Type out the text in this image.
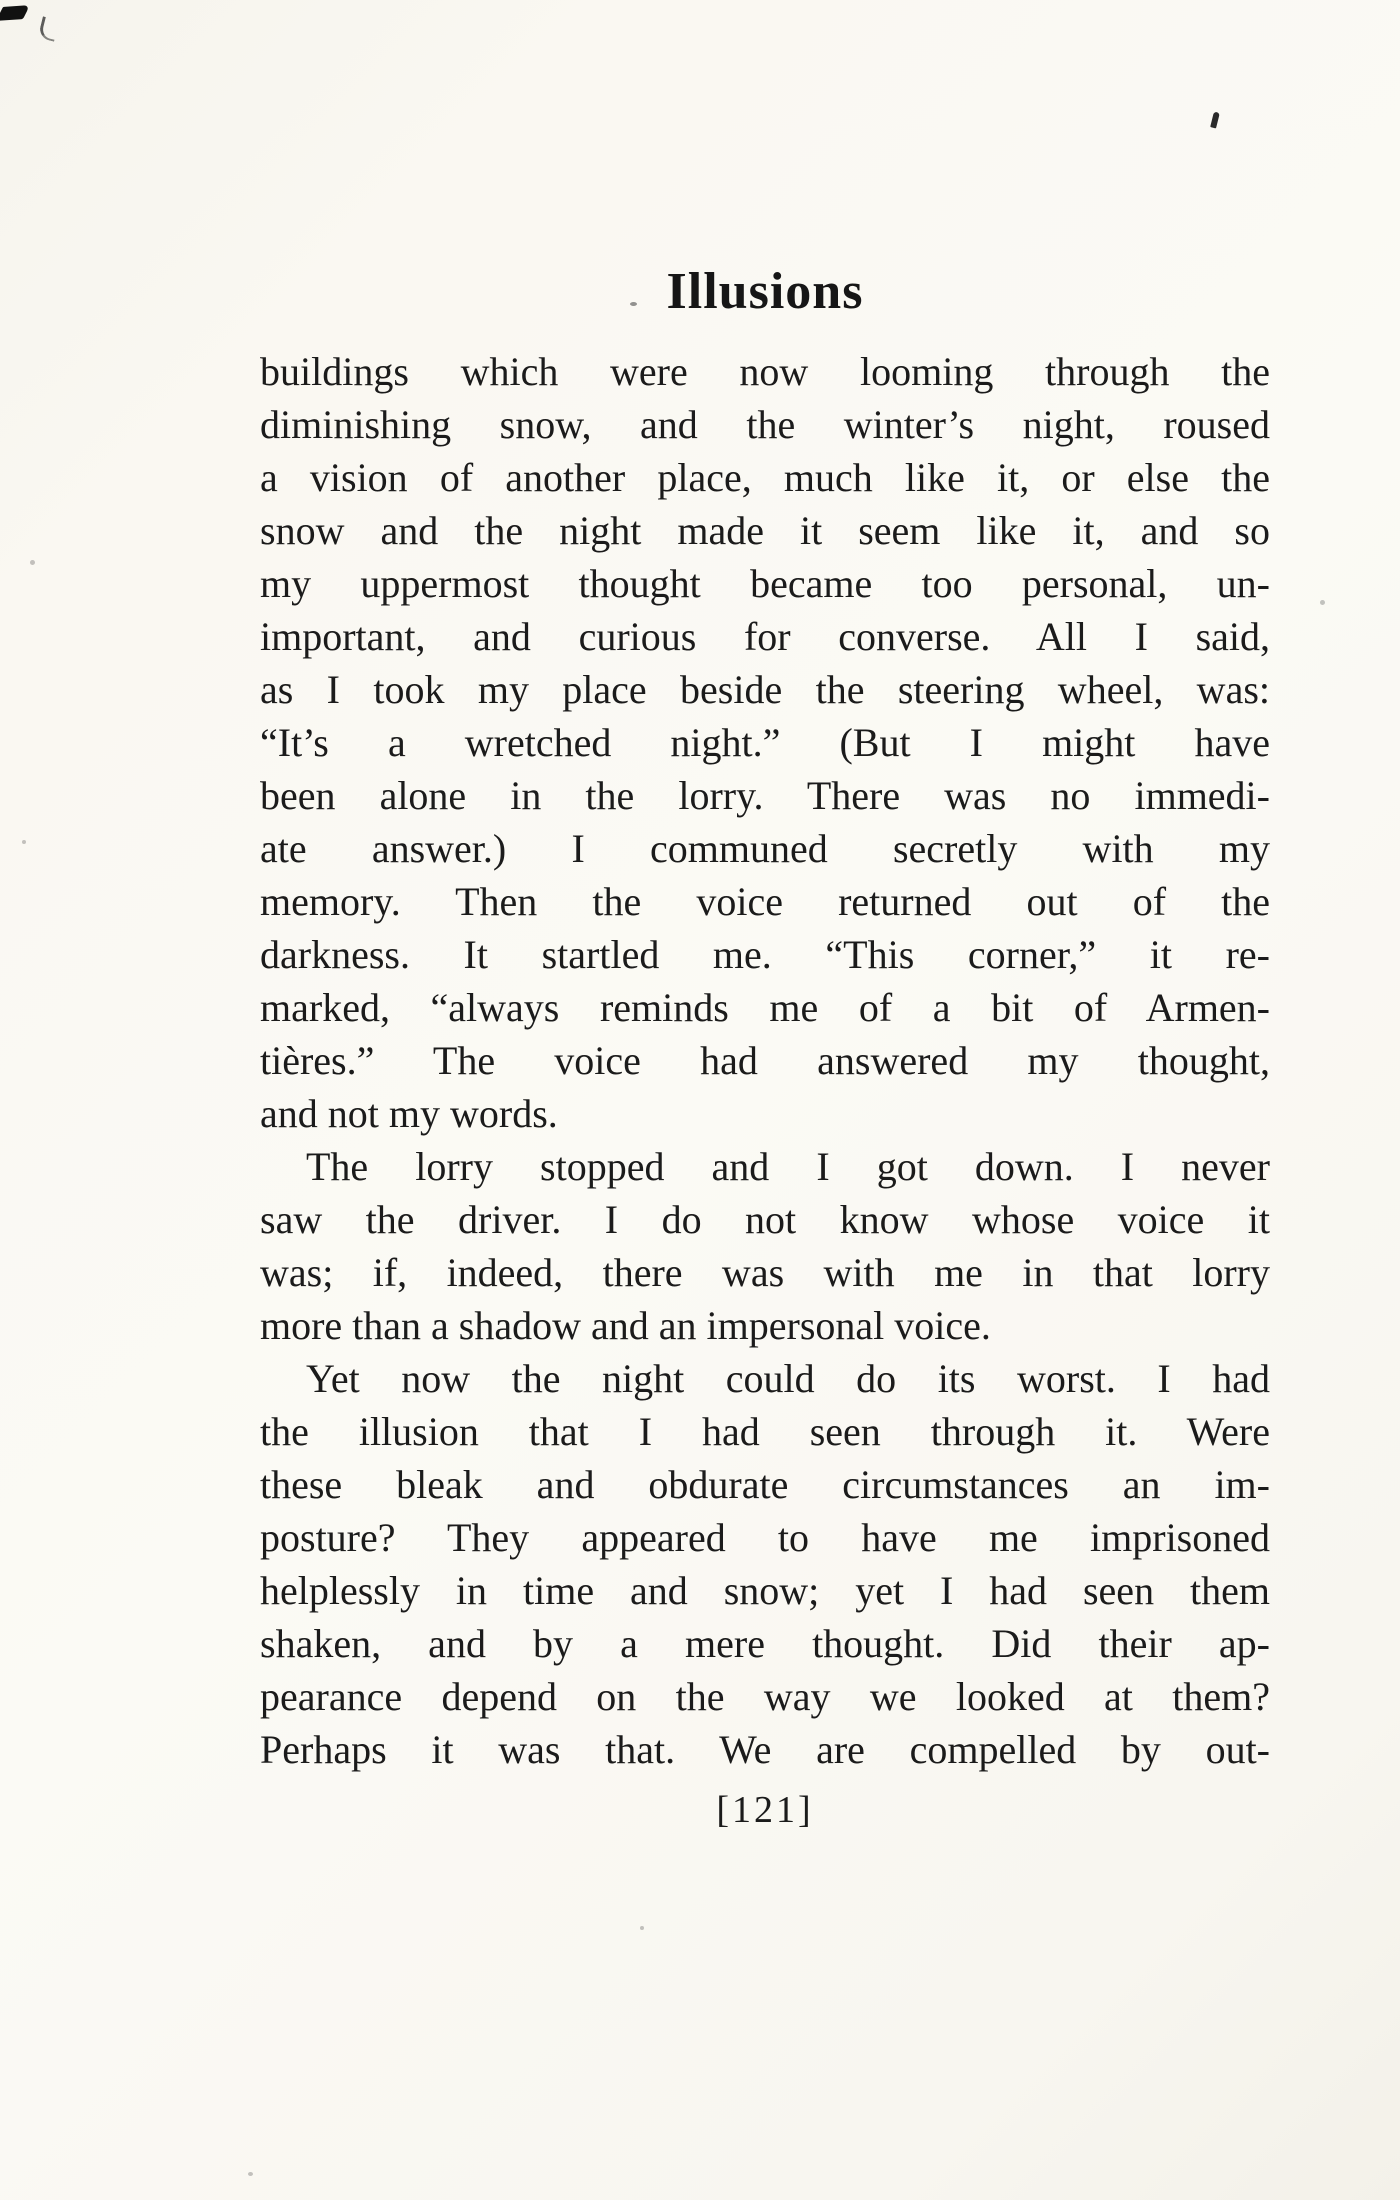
Illusions
buildings which were now looming through the
diminishing snow, and the winter’s night, roused
a vision of another place, much like it, or else the
snow and the night made it seem like it, and so
my uppermost thought became too personal, un-
important, and curious for converse. All I said,
as I took my place beside the steering wheel, was:
“It’s a wretched night.” (But I might have
been alone in the lorry. There was no immedi-
ate answer.) I communed secretly with my
memory. Then the voice returned out of the
darkness. It startled me. “This corner,” it re-
marked, “always reminds me of a bit of Armen-
tières.” The voice had answered my thought,
and not my words.
The lorry stopped and I got down. I never
saw the driver. I do not know whose voice it
was; if, indeed, there was with me in that lorry
more than a shadow and an impersonal voice.
Yet now the night could do its worst. I had
the illusion that I had seen through it. Were
these bleak and obdurate circumstances an im-
posture? They appeared to have me imprisoned
helplessly in time and snow; yet I had seen them
shaken, and by a mere thought. Did their ap-
pearance depend on the way we looked at them?
Perhaps it was that. We are compelled by out-
[121]
